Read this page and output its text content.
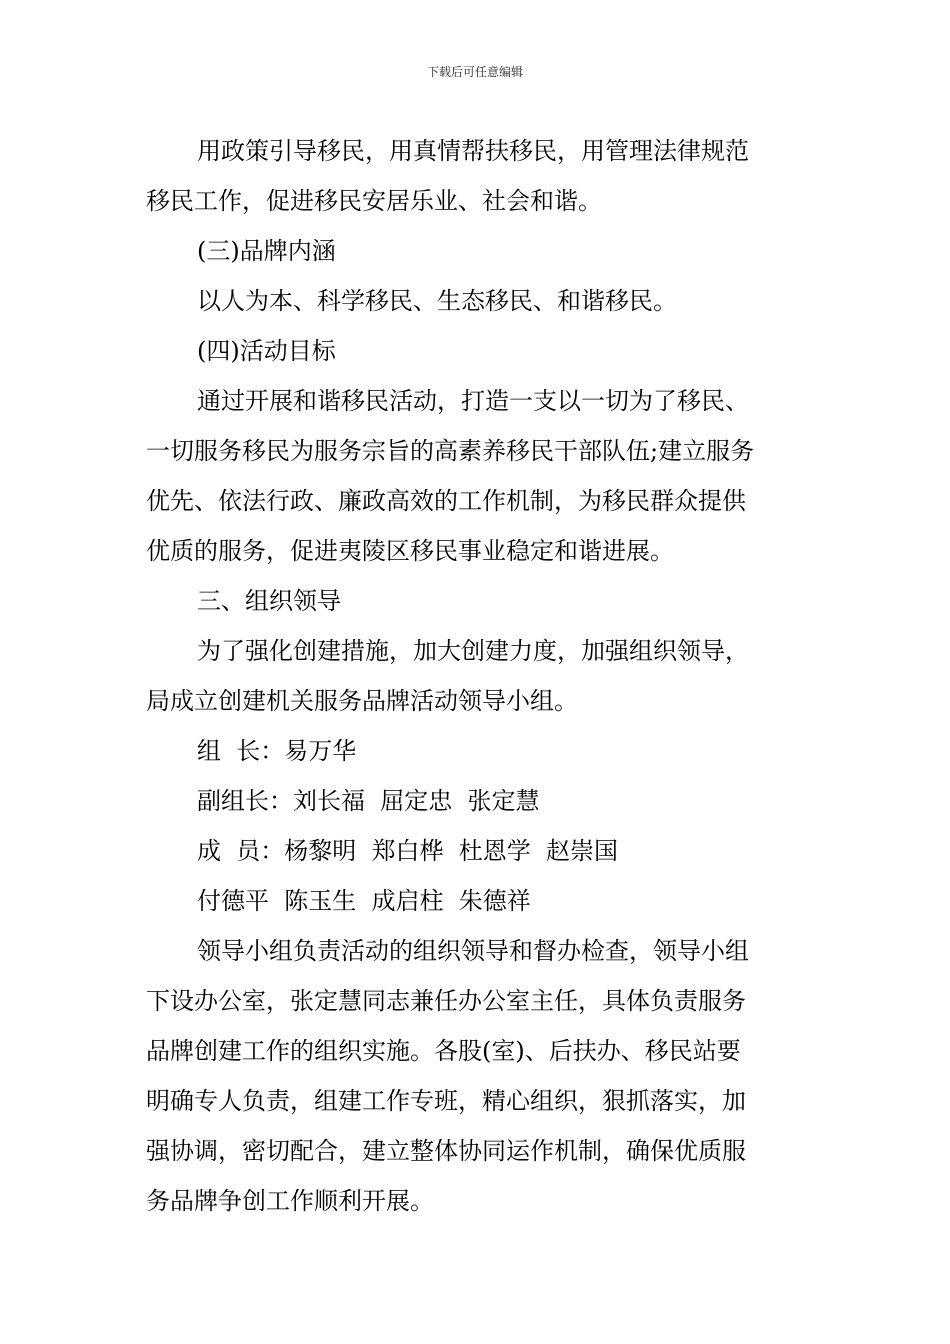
下载后可任意编辑
用政策引导移民，用真情帮扶移民，用管理法律规范
移民工作，促进移民安居乐业、社会和谐。
(三)品牌内涵
以人为本、科学移民、生态移民、和谐移民。
(四)活动目标
通过开展和谐移民活动，打造一支以一切为了移民、
一切服务移民为服务宗旨的高素养移民干部队伍;建立服务
优先、依法行政、廉政高效的工作机制，为移民群众提供
优质的服务，促进夷陵区移民事业稳定和谐进展。
三、组织领导
为了强化创建措施，加大创建力度，加强组织领导，
局成立创建机关服务品牌活动领导小组。
组  长：易万华
副组长：刘长福  屈定忠  张定慧
成  员：杨黎明  郑白桦  杜恩学  赵崇国
付德平  陈玉生  成启柱  朱德祥
领导小组负责活动的组织领导和督办检查，领导小组
下设办公室，张定慧同志兼任办公室主任，具体负责服务
品牌创建工作的组织实施。各股(室)、后扶办、移民站要
明确专人负责，组建工作专班，精心组织，狠抓落实，加
强协调，密切配合，建立整体协同运作机制，确保优质服
务品牌争创工作顺利开展。
